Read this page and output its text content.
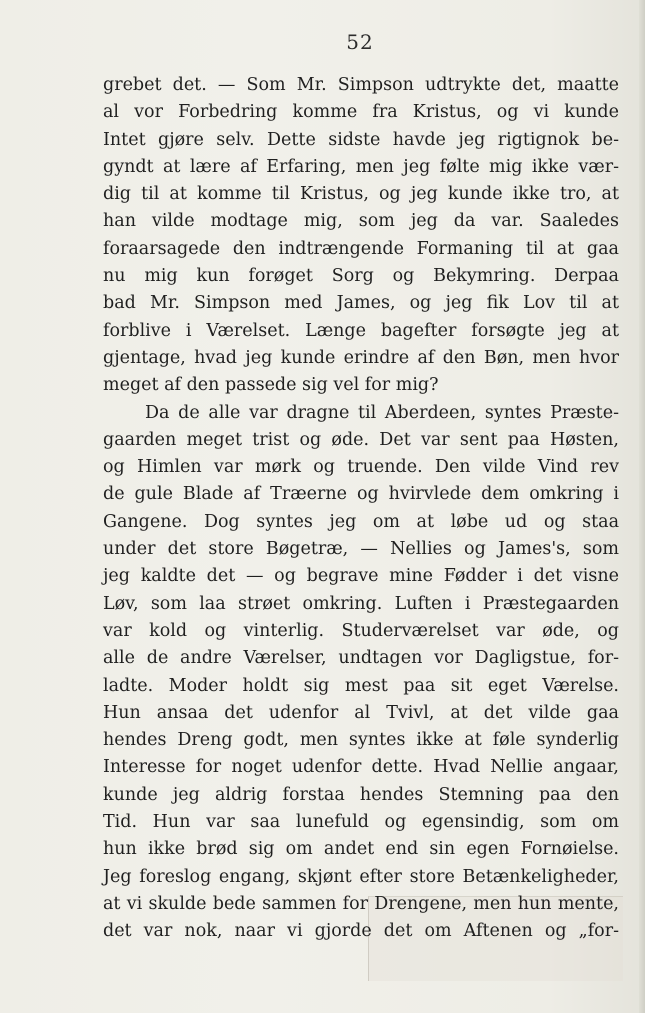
52
grebet det. — Som Mr. Simpson udtrykte det, maatte
al vor Forbedring komme fra Kristus, og vi kunde
Intet gjøre selv. Dette sidste havde jeg rigtignok be-
gyndt at lære af Erfaring, men jeg følte mig ikke vær-
dig til at komme til Kristus, og jeg kunde ikke tro, at
han vilde modtage mig, som jeg da var. Saaledes
foraarsagede den indtrængende Formaning til at gaa
nu mig kun forøget Sorg og Bekymring. Derpaa
bad Mr. Simpson med James, og jeg fik Lov til at
forblive i Værelset. Længe bagefter forsøgte jeg at
gjentage, hvad jeg kunde erindre af den Bøn, men hvor
meget af den passede sig vel for mig?
Da de alle var dragne til Aberdeen, syntes Præste-
gaarden meget trist og øde. Det var sent paa Høsten,
og Himlen var mørk og truende. Den vilde Vind rev
de gule Blade af Træerne og hvirvlede dem omkring i
Gangene. Dog syntes jeg om at løbe ud og staa
under det store Bøgetræ, — Nellies og James's, som
jeg kaldte det — og begrave mine Fødder i det visne
Løv, som laa strøet omkring. Luften i Præstegaarden
var kold og vinterlig. Studerværelset var øde, og
alle de andre Værelser, undtagen vor Dagligstue, for-
ladte. Moder holdt sig mest paa sit eget Værelse.
Hun ansaa det udenfor al Tvivl, at det vilde gaa
hendes Dreng godt, men syntes ikke at føle synderlig
Interesse for noget udenfor dette. Hvad Nellie angaar,
kunde jeg aldrig forstaa hendes Stemning paa den
Tid. Hun var saa lunefuld og egensindig, som om
hun ikke brød sig om andet end sin egen Fornøielse.
Jeg foreslog engang, skjønt efter store Betænkeligheder,
at vi skulde bede sammen for Drengene, men hun mente,
det var nok, naar vi gjorde det om Aftenen og „for-
